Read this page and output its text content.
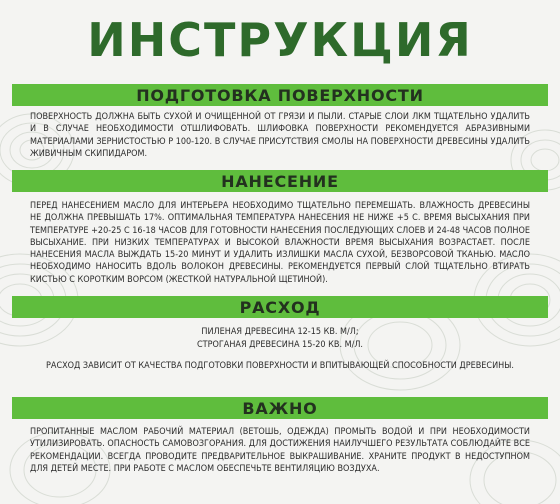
ИНСТРУКЦИЯ
ПОДГОТОВКА ПОВЕРХНОСТИ
ПОВЕРХНОСТЬ ДОЛЖНА БЫТЬ СУХОЙ И ОЧИЩЕННОЙ ОТ ГРЯЗИ И ПЫЛИ. СТАРЫЕ СЛОИ ЛКМ ТЩАТЕЛЬНО УДАЛИТЬ И В СЛУЧАЕ НЕОБХОДИМОСТИ ОТШЛИФОВАТЬ. ШЛИФОВКА ПОВЕРХНОСТИ РЕКОМЕНДУЕТСЯ АБРАЗИВНЫМИ МАТЕРИАЛАМИ ЗЕРНИСТОСТЬЮ Р 100-120. В СЛУЧАЕ ПРИСУТСТВИЯ СМОЛЫ НА ПОВЕРХНОСТИ ДРЕВЕСИНЫ УДАЛИТЬ ЖИВИЧНЫМ СКИПИДАРОМ.
НАНЕСЕНИЕ
ПЕРЕД НАНЕСЕНИЕМ МАСЛО ДЛЯ ИНТЕРЬЕРА НЕОБХОДИМО ТЩАТЕЛЬНО ПЕРЕМЕШАТЬ. ВЛАЖНОСТЬ ДРЕВЕСИНЫ НЕ ДОЛЖНА ПРЕВЫШАТЬ 17%. ОПТИМАЛЬНАЯ ТЕМПЕРАТУРА НАНЕСЕНИЯ НЕ НИЖЕ +5 С. ВРЕМЯ ВЫСЫХАНИЯ ПРИ ТЕМПЕРАТУРЕ +20-25 С 16-18 ЧАСОВ ДЛЯ ГОТОВНОСТИ НАНЕСЕНИЯ ПОСЛЕДУЮЩИХ СЛОЕВ И 24-48 ЧАСОВ ПОЛНОЕ ВЫСЫХАНИЕ. ПРИ НИЗКИХ ТЕМПЕРАТУРАХ И ВЫСОКОЙ ВЛАЖНОСТИ ВРЕМЯ ВЫСЫХАНИЯ ВОЗРАСТАЕТ. ПОСЛЕ НАНЕСЕНИЯ МАСЛА ВЫЖДАТЬ 15-20 МИНУТ И УДАЛИТЬ ИЗЛИШКИ МАСЛА СУХОЙ, БЕЗВОРСОВОЙ ТКАНЬЮ. МАСЛО НЕОБХОДИМО НАНОСИТЬ ВДОЛЬ ВОЛОКОН ДРЕВЕСИНЫ. РЕКОМЕНДУЕТСЯ ПЕРВЫЙ СЛОЙ ТЩАТЕЛЬНО ВТИРАТЬ КИСТЬЮ С КОРОТКИМ ВОРСОМ (ЖЕСТКОЙ НАТУРАЛЬНОЙ ЩЕТИНОЙ).
РАСХОД
ПИЛЕНАЯ ДРЕВЕСИНА 12-15 КВ. М/Л;
СТРОГАНАЯ ДРЕВЕСИНА 15-20 КВ. М/Л.
РАСХОД ЗАВИСИТ ОТ КАЧЕСТВА ПОДГОТОВКИ ПОВЕРХНОСТИ И ВПИТЫВАЮЩЕЙ СПОСОБНОСТИ ДРЕВЕСИНЫ.
ВАЖНО
ПРОПИТАННЫЕ МАСЛОМ РАБОЧИЙ МАТЕРИАЛ (ВЕТОШЬ, ОДЕЖДА) ПРОМЫТЬ ВОДОЙ И ПРИ НЕОБХОДИМОСТИ УТИЛИЗИРОВАТЬ. ОПАСНОСТЬ САМОВОЗГОРАНИЯ. ДЛЯ ДОСТИЖЕНИЯ НАИЛУЧШЕГО РЕЗУЛЬТАТА СОБЛЮДАЙТЕ ВСЕ РЕКОМЕНДАЦИИ. ВСЕГДА ПРОВОДИТЕ ПРЕДВАРИТЕЛЬНОЕ ВЫКРАШИВАНИЕ. ХРАНИТЕ ПРОДУКТ В НЕДОСТУПНОМ ДЛЯ ДЕТЕЙ МЕСТЕ. ПРИ РАБОТЕ С МАСЛОМ ОБЕСПЕЧЬТЕ ВЕНТИЛЯЦИЮ ВОЗДУХА.
